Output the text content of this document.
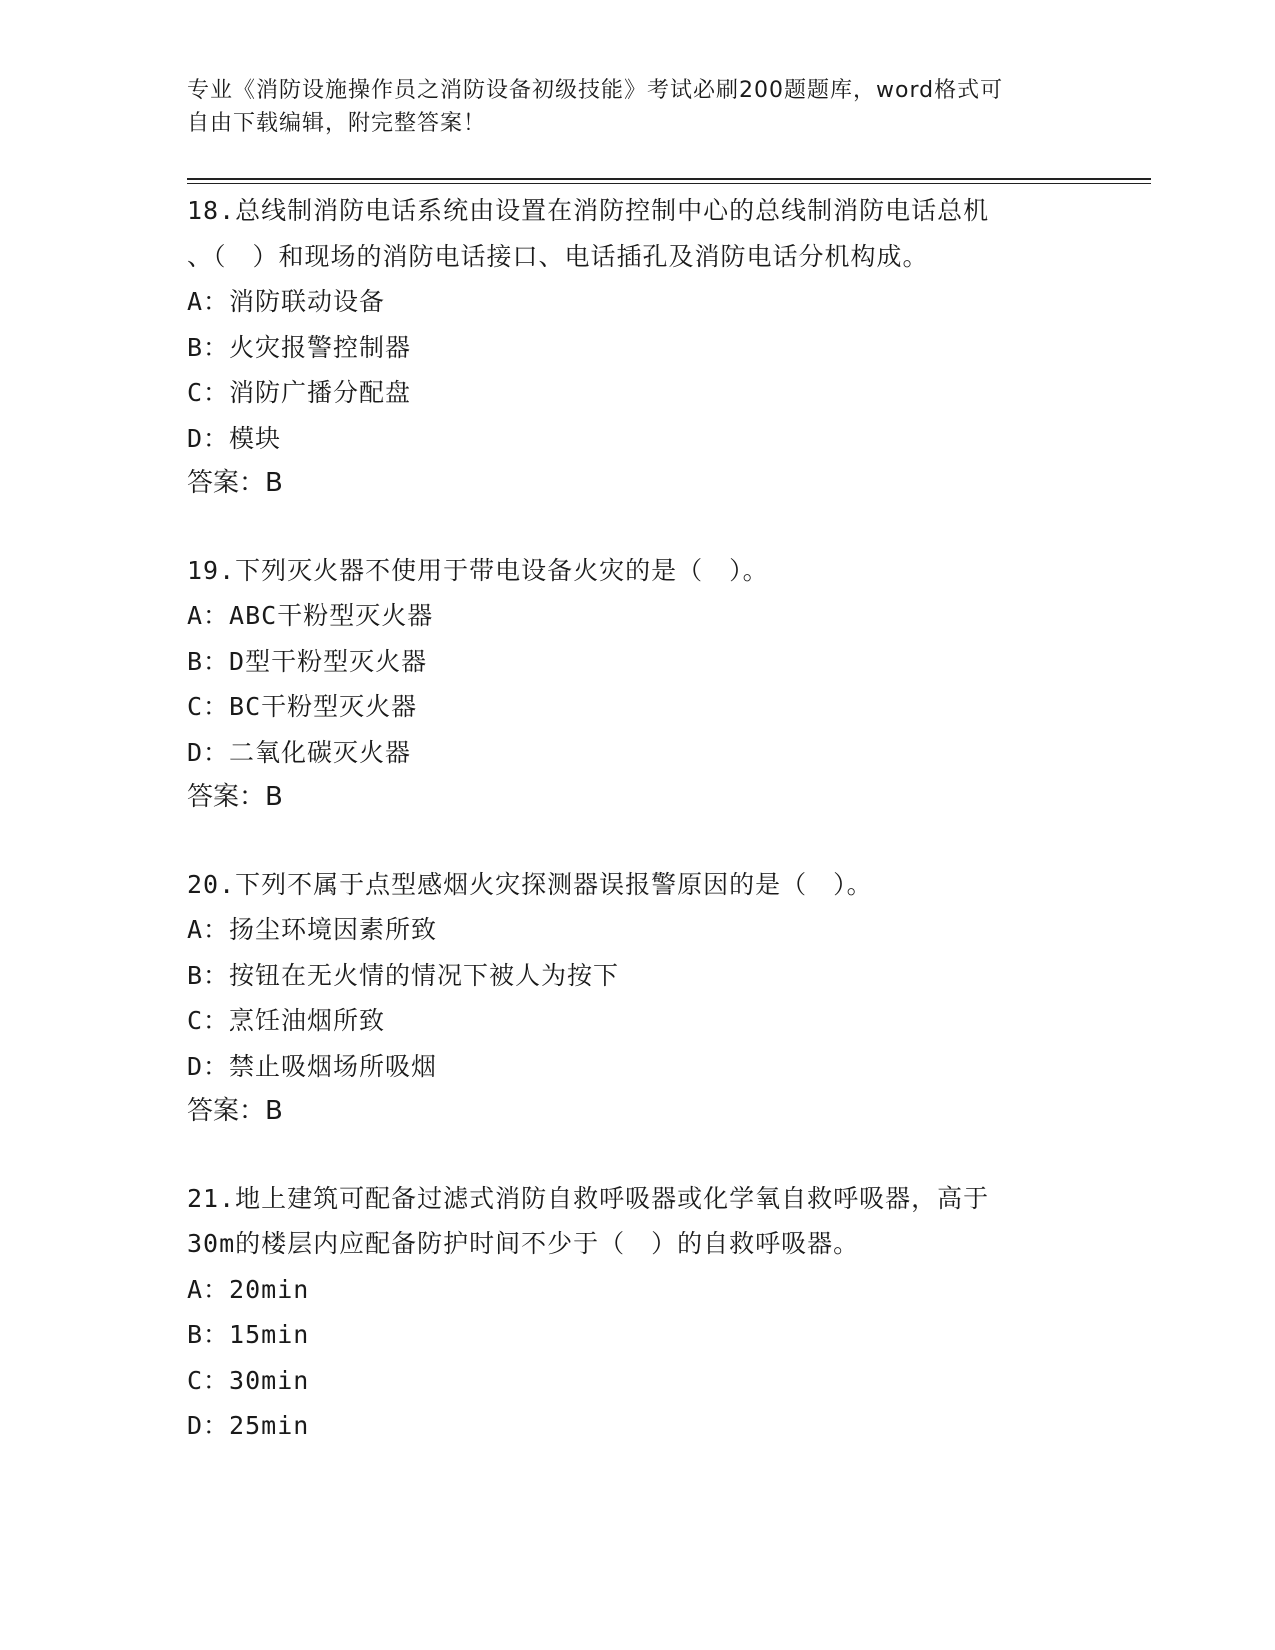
专业《消防设施操作员之消防设备初级技能》考试必刷200题题库，word格式可
自由下载编辑，附完整答案！
18.总线制消防电话系统由设置在消防控制中心的总线制消防电话总机
、（　）和现场的消防电话接口、电话插孔及消防电话分机构成。
A：消防联动设备
B：火灾报警控制器
C：消防广播分配盘
D：模块
答案：B
19.下列灭火器不使用于带电设备火灾的是（　）。
A：ABC干粉型灭火器
B：D型干粉型灭火器
C：BC干粉型灭火器
D：二氧化碳灭火器
答案：B
20.下列不属于点型感烟火灾探测器误报警原因的是（　）。
A：扬尘环境因素所致
B：按钮在无火情的情况下被人为按下
C：烹饪油烟所致
D：禁止吸烟场所吸烟
答案：B
21.地上建筑可配备过滤式消防自救呼吸器或化学氧自救呼吸器，高于
30m的楼层内应配备防护时间不少于（　）的自救呼吸器。
A：20min
B：15min
C：30min
D：25min
